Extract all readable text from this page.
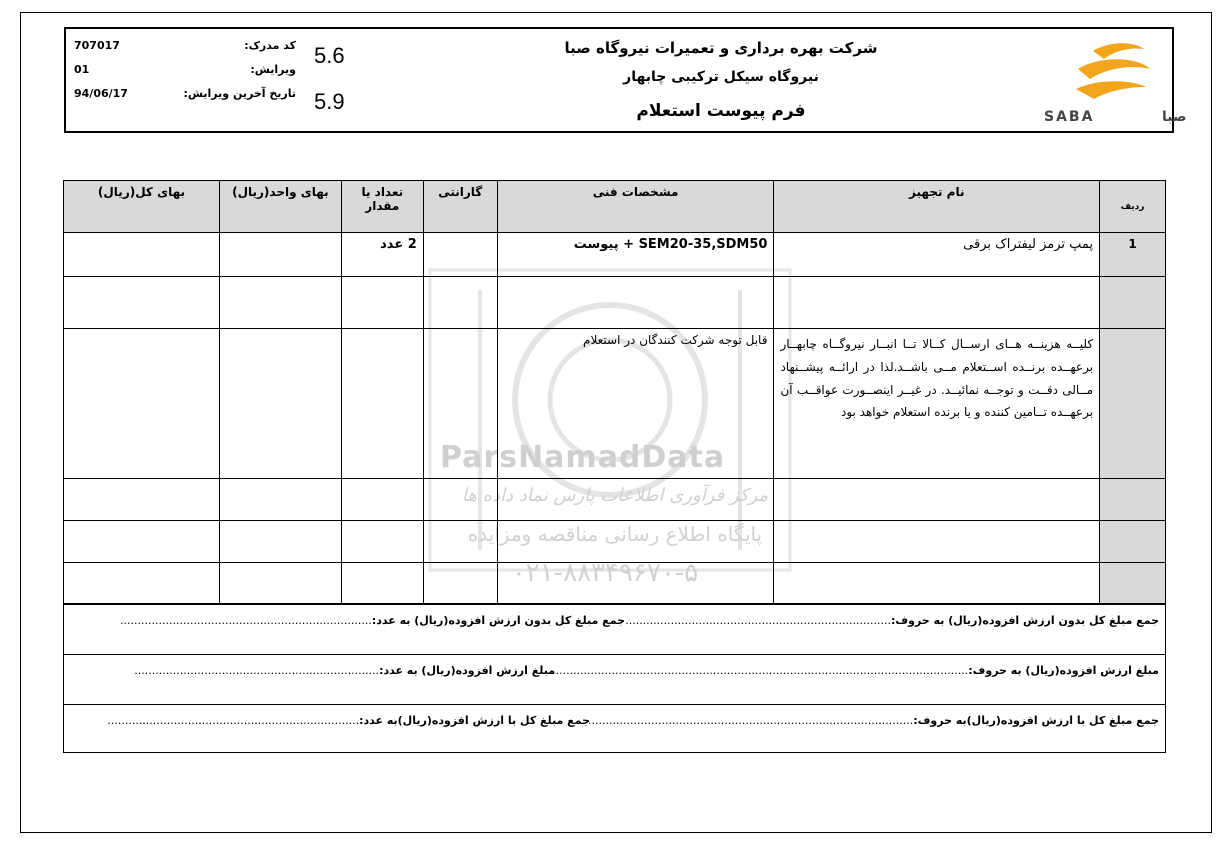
707017	کد مدرک:
01	ویرایش:
94/06/17	تاریخ آخرین ویرایش:
5.6
5.9
شرکت بهره برداری و تعمیرات نیروگاه صبا
نیروگاه سیکل ترکیبی چابهار
فرم پیوست استعلام	SABA	صبا
ParsNamadData
مرکز فرآوری اطلاعات پارس نماد داده ها
پایگاه اطلاع رسانی مناقصه ومزایده
۰۲۱-۸۸۳۴۹۶۷۰-۵
ردیف	نام تجهیز	مشخصات فنی	گارانتی	تعداد یا مقدار	بهای واحد(ریال)	بهای کل(ریال)
1	پمپ ترمز لیفتراک برقی	SEM20-35,SDM50 + پیوست		2 عدد		

	کلیــه هزینــه هــای ارســال کــالا تــا انبــار نیروگــاه چابهــار برعهــده برنــده اســتعلام مــی باشــد.لذا در ارائــه پیشــنهاد مــالی دقــت و توجــه نمائیــد. در غیــر اینصــورت عواقــب آن برعهــده تــامین کننده و یا برنده استعلام خواهد بود	قابل توجه شرکت کنندگان در استعلام				

جمع مبلغ کل بدون ارزش افزوده(ریال) به حروف:............................................................................
جمع مبلغ کل بدون ارزش افزوده(ریال) به عدد:........................................................................
مبلغ ارزش افزوده(ریال) به حروف:........................................................................................................................
مبلغ ارزش افزوده(ریال) به عدد:......................................................................
جمع مبلغ کل با ارزش افزوده(ریال)به حروف:.............................................................................................
جمع مبلغ کل با ارزش افزوده(ریال)به عدد:........................................................................
